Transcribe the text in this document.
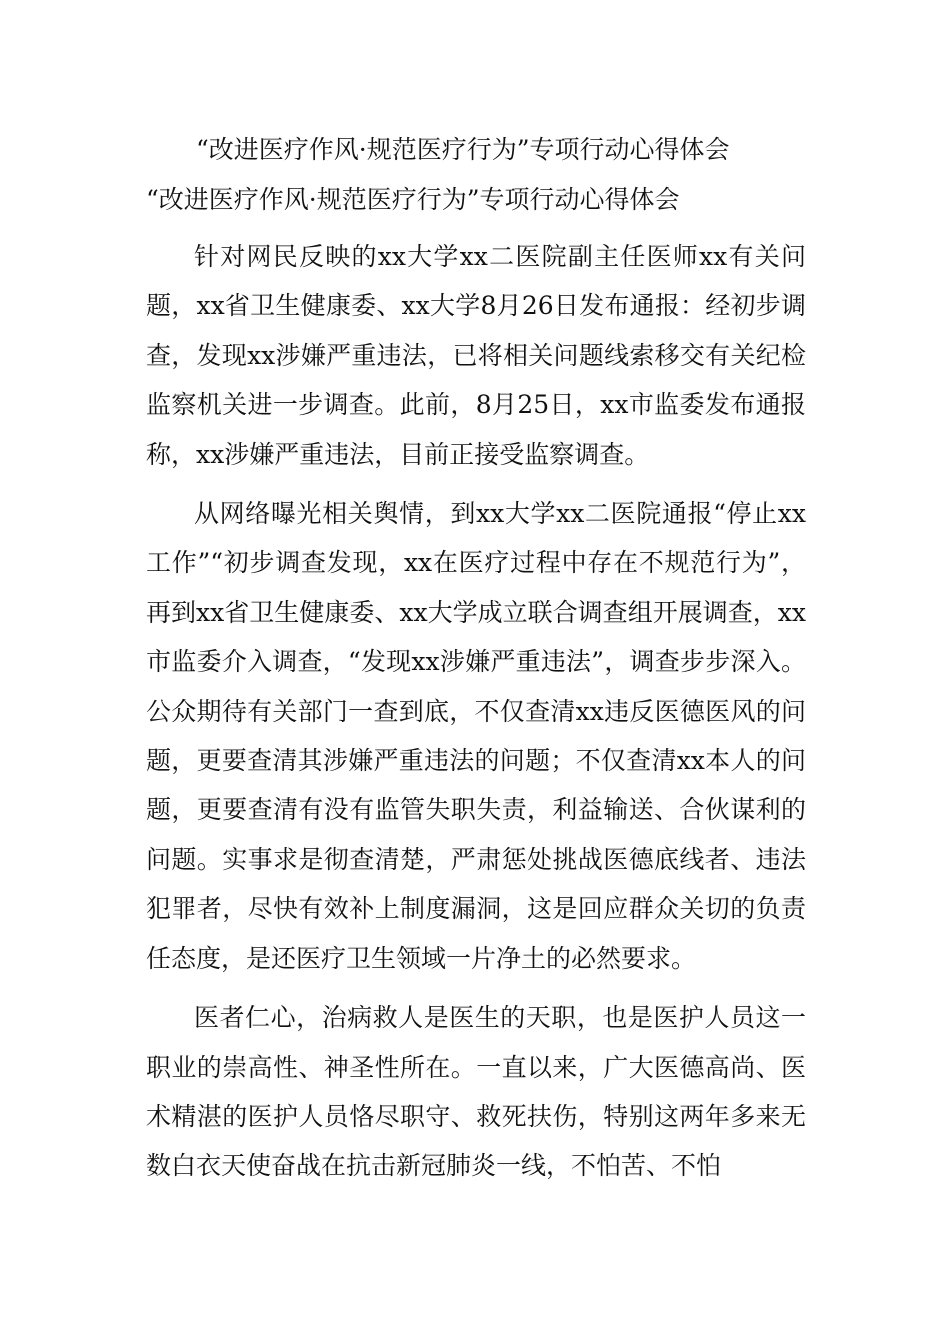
“改进医疗作风·规范医疗行为”专项行动心得体会
“改进医疗作风·规范医疗行为”专项行动心得体会

针对网民反映的xx大学xx二医院副主任医师xx有关问题，xx省卫生健康委、xx大学8月26日发布通报：经初步调查，发现xx涉嫌严重违法，已将相关问题线索移交有关纪检监察机关进一步调查。此前，8月25日，xx市监委发布通报称，xx涉嫌严重违法，目前正接受监察调查。

从网络曝光相关舆情，到xx大学xx二医院通报“停止xx工作”“初步调查发现，xx在医疗过程中存在不规范行为”，再到xx省卫生健康委、xx大学成立联合调查组开展调查，xx市监委介入调查，“发现xx涉嫌严重违法”，调查步步深入。公众期待有关部门一查到底，不仅查清xx违反医德医风的问题，更要查清其涉嫌严重违法的问题；不仅查清xx本人的问题，更要查清有没有监管失职失责，利益输送、合伙谋利的问题。实事求是彻查清楚，严肃惩处挑战医德底线者、违法犯罪者，尽快有效补上制度漏洞，这是回应群众关切的负责任态度，是还医疗卫生领域一片净土的必然要求。

医者仁心，治病救人是医生的天职，也是医护人员这一职业的崇高性、神圣性所在。一直以来，广大医德高尚、医术精湛的医护人员恪尽职守、救死扶伤，特别这两年多来无数白衣天使奋战在抗击新冠肺炎一线，不怕苦、不怕
